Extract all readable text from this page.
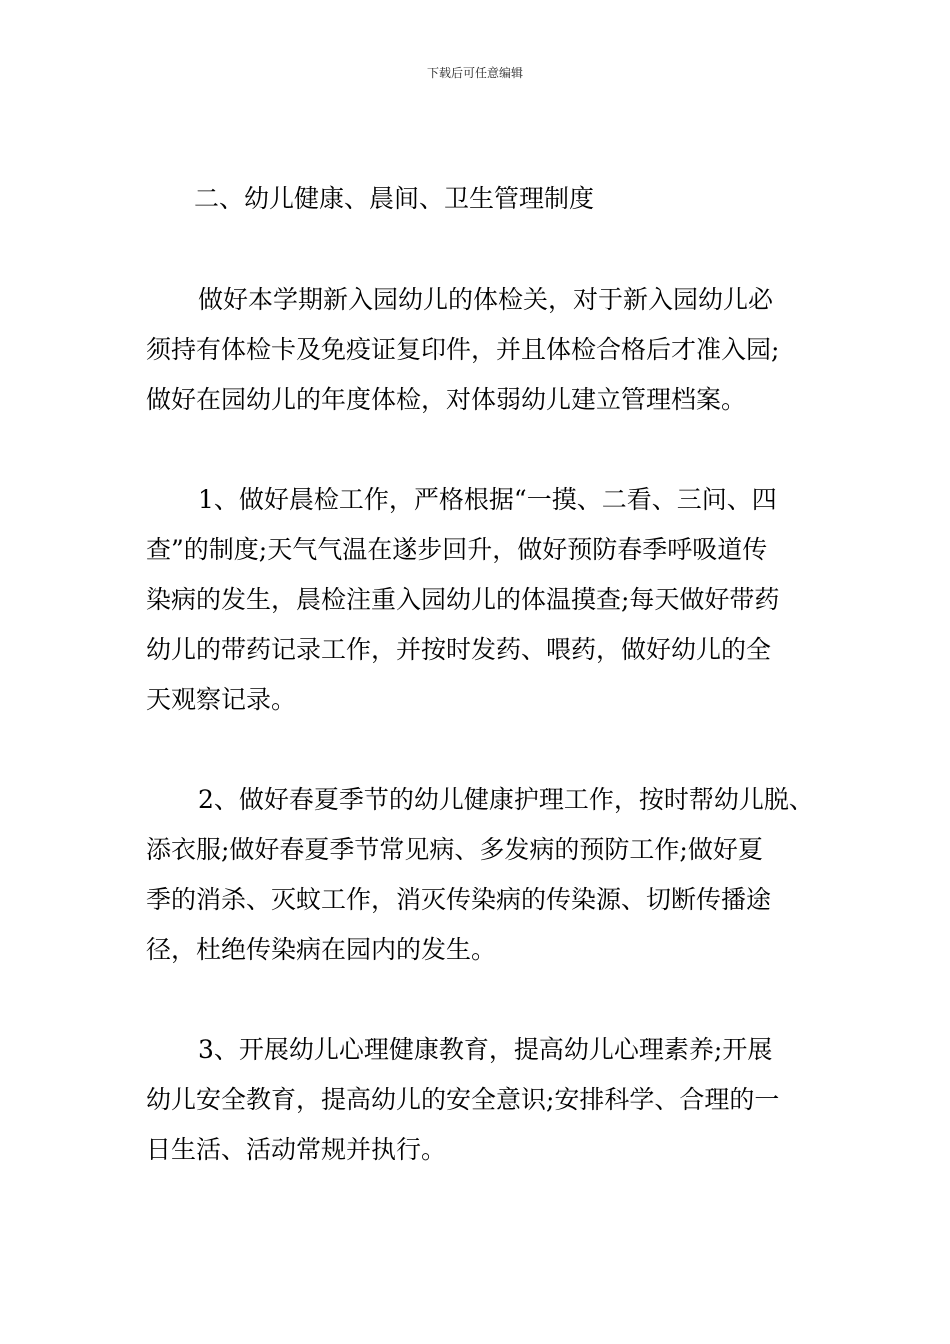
下载后可任意编辑
二、幼儿健康、晨间、卫生管理制度
做好本学期新入园幼儿的体检关，对于新入园幼儿必
须持有体检卡及免疫证复印件，并且体检合格后才准入园;
做好在园幼儿的年度体检，对体弱幼儿建立管理档案。
1、做好晨检工作，严格根据“一摸、二看、三问、四
查”的制度;天气气温在遂步回升，做好预防春季呼吸道传
染病的发生，晨检注重入园幼儿的体温摸查;每天做好带药
幼儿的带药记录工作，并按时发药、喂药，做好幼儿的全
天观察记录。
2、做好春夏季节的幼儿健康护理工作，按时帮幼儿脱、
添衣服;做好春夏季节常见病、多发病的预防工作;做好夏
季的消杀、灭蚊工作，消灭传染病的传染源、切断传播途
径，杜绝传染病在园内的发生。
3、开展幼儿心理健康教育，提高幼儿心理素养;开展
幼儿安全教育，提高幼儿的安全意识;安排科学、合理的一
日生活、活动常规并执行。
